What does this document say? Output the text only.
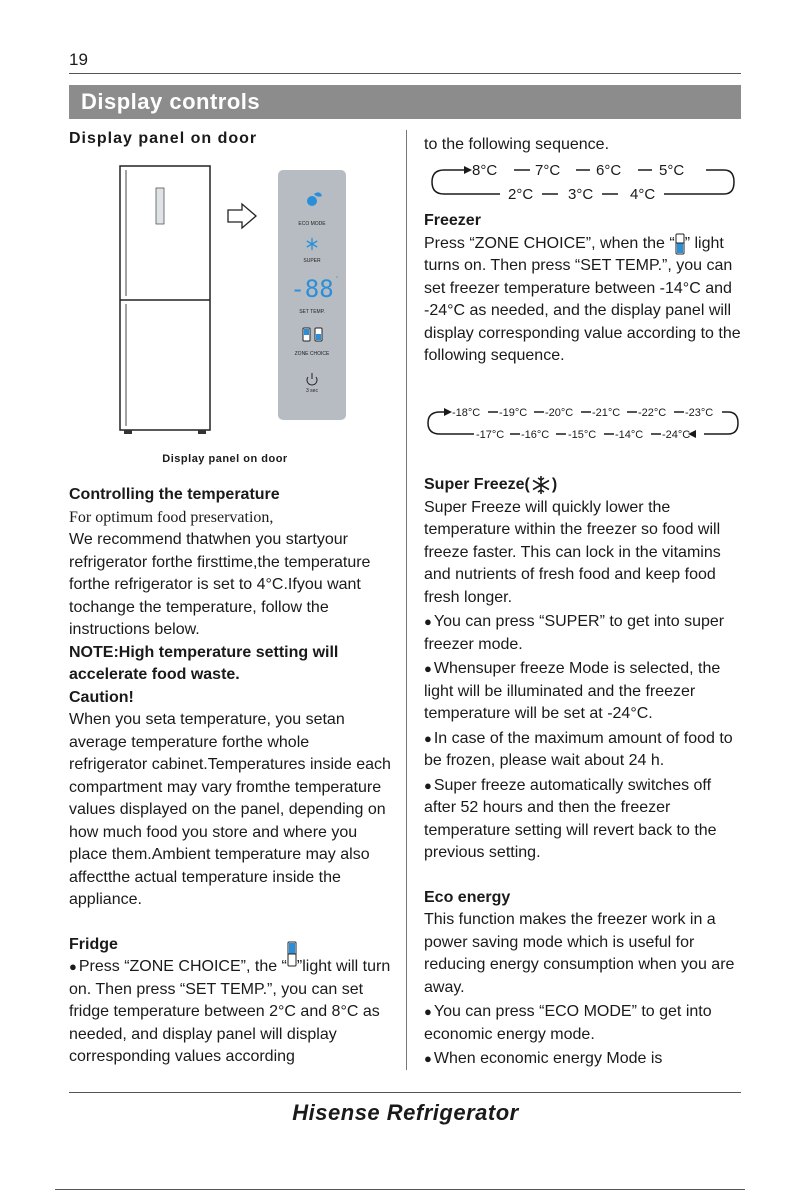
19
Display controls
Display panel on door
ECO MODE
SUPER
-88 °
SET TEMP.
ZONE CHOICE
3 sec
Display panel on door

Controlling the temperature

For optimum food preservation,

We recommend thatwhen you startyour refrigerator forthe firsttime,the temperature forthe refrigerator is set to 4°C.Ifyou want tochange the temperature, follow the instructions below.

NOTE:High temperature setting will accelerate food waste.

Caution!

When you seta temperature, you setan average temperature forthe whole refrigerator cabinet.Temperatures inside each compartment may vary fromthe temperature values displayed on the panel, depending on how much food you store and where you place them.Ambient temperature may also affectthe actual temperature inside the appliance.

Fridge

● Press “ZONE CHOICE”, the “ ”light will turn on. Then press “SET TEMP.”, you can set fridge temperature between 2°C and 8°C as needed, and display panel will display corresponding values according

to the following sequence.
8°C	7°C 6°C	5°C
2°C 3°C 4°C

Freezer

Press “ZONE CHOICE”, when the “ ” light turns on. Then press “SET TEMP.”, you can set freezer temperature between -14°C and -24°C as needed, and the display panel will display corresponding value according to the following sequence.

-18°C -19°C -20°C -21°C -22°C -23°C
-17°C -16°C -15°C -14°C -24°C

Super Freeze( )

Super Freeze will quickly lower the temperature within the freezer so food will freeze faster. This can lock in the vitamins and nutrients of fresh food and keep food fresh longer.

● You can press “SUPER” to get into super freezer mode.

● Whensuper freeze Mode is selected, the light will be illuminated and the freezer temperature will be set at -24°C.

● In case of the maximum amount of food to be frozen, please wait about 24 h.

● Super freeze automatically switches off after 52 hours and then the freezer temperature setting will revert back to the previous setting.

Eco energy

This function makes the freezer work in a power saving mode which is useful for reducing energy consumption when you are away.

● You can press “ECO MODE” to get into economic energy mode.

● When economic energy Mode is

Hisense Refrigerator
